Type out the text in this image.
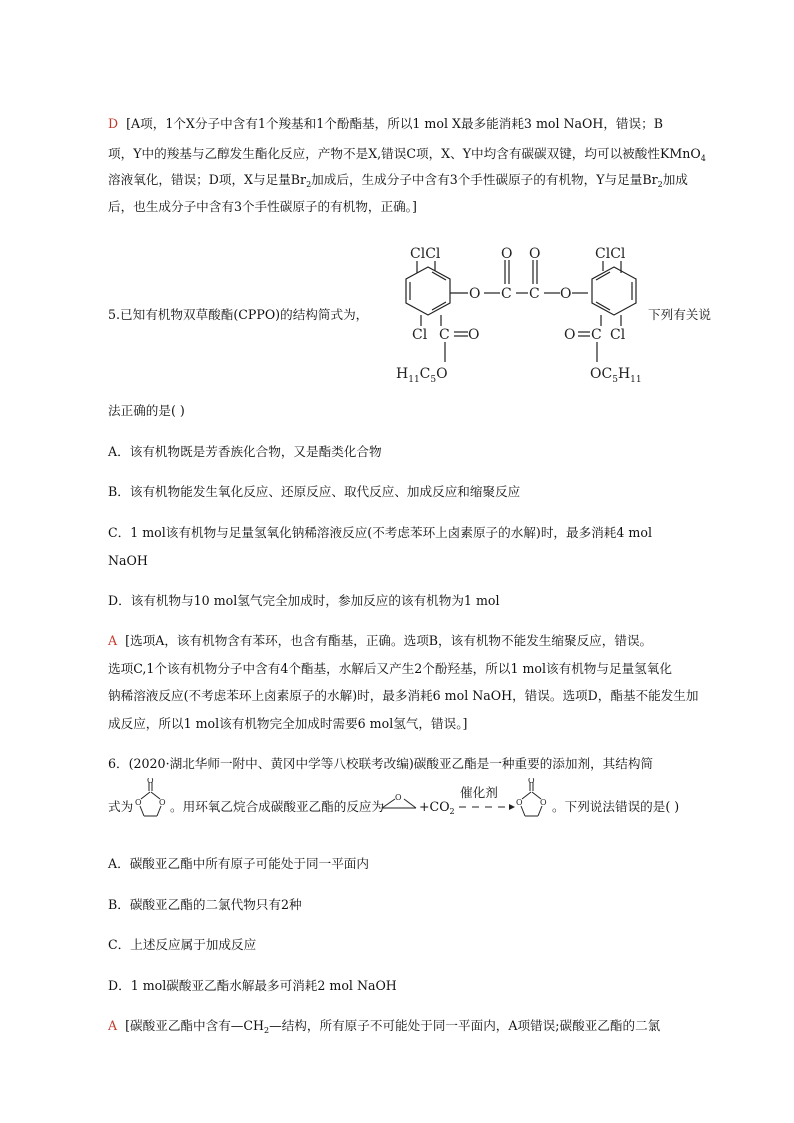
D [A项，1个X分子中含有1个羧基和1个酚酯基，所以1 mol X最多能消耗3 mol NaOH，错误；B
项，Y中的羧基与乙醇发生酯化反应，产物不是X,错误C项，X、Y中均含有碳碳双键，均可以被酸性KMnO$_4$
溶液氧化，错误；D项，X与足量$Br_2$加成后，生成分子中含有3个手性碳原子的有机物，Y与足量$Br_2$加成
后，也生成分子中含有3个手性碳原子的有机物，正确。]
5.已知有机物双草酸酯(CPPO)的结构简式为，	下列有关说
ClCl	ClCl
O C C O
O O
Cl C O	O C Cl
$H_{11}C_5O$	$OC_5H_{11}$
法正确的是( )
A．该有机物既是芳香族化合物，又是酯类化合物
B．该有机物能发生氧化反应、还原反应、取代反应、加成反应和缩聚反应
C．1 mol该有机物与足量氢氧化钠稀溶液反应(不考虑苯环上卤素原子的水解)时，最多消耗4 mol
NaOH
D．该有机物与10 mol氢气完全加成时，参加反应的该有机物为1 mol
A [选项A，该有机物含有苯环，也含有酯基，正确。选项B，该有机物不能发生缩聚反应，错误。
选项C,1个该有机物分子中含有4个酯基，水解后又产生2个酚羟基，所以1 mol该有机物与足量氢氧化
钠稀溶液反应(不考虑苯环上卤素原子的水解)时，最多消耗6 mol NaOH，错误。选项D，酯基不能发生加
成反应，所以1 mol该有机物完全加成时需要6 mol氢气，错误。]
6．(2020·湖北华师一附中、黄冈中学等八校联考改编)碳酸亚乙酯是一种重要的添加剂，其结构简
式为
O
O O 。用环氧乙烷合成碳酸亚乙酯的反应为
O
$+CO_2$
催化剂
O
O O 。下列说法错误的是( )
A．碳酸亚乙酯中所有原子可能处于同一平面内
B．碳酸亚乙酯的二氯代物只有2种
C．上述反应属于加成反应
D．1 mol碳酸亚乙酯水解最多可消耗2 mol NaOH
A [碳酸亚乙酯中含有$—CH_2—$结构，所有原子不可能处于同一平面内，A项错误;碳酸亚乙酯的二氯
